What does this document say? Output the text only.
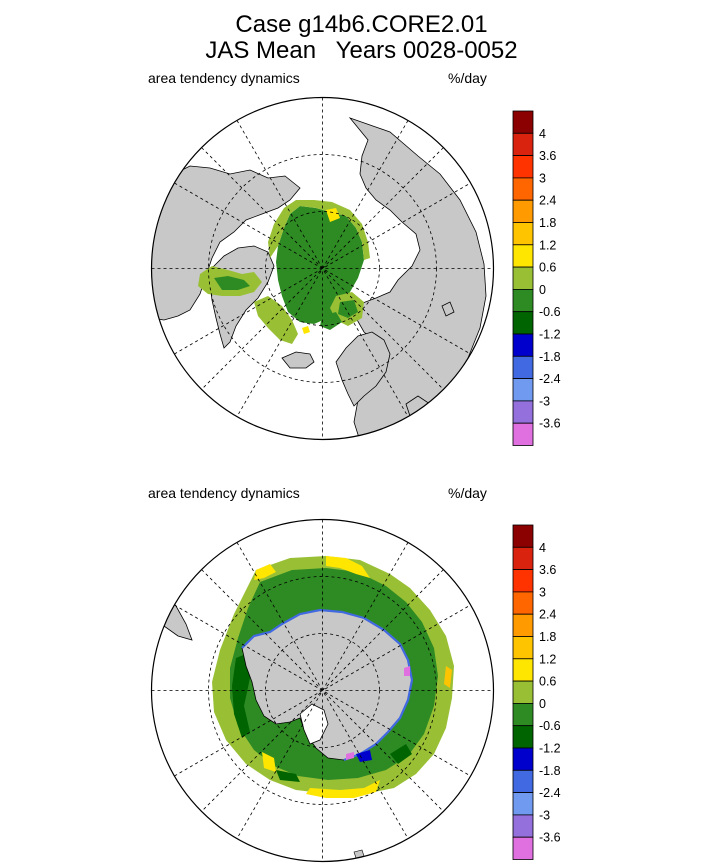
Case g14b6.CORE2.01
JAS Mean   Years 0028-0052
area tendency dynamics	%/day
4
3.6
3
2.4
1.8
1.2
0.6
0
-0.6
-1.2
-1.8
-2.4
-3
-3.6
area tendency dynamics	%/day
4
3.6
3
2.4
1.8
1.2
0.6
0
-0.6
-1.2
-1.8
-2.4
-3
-3.6
